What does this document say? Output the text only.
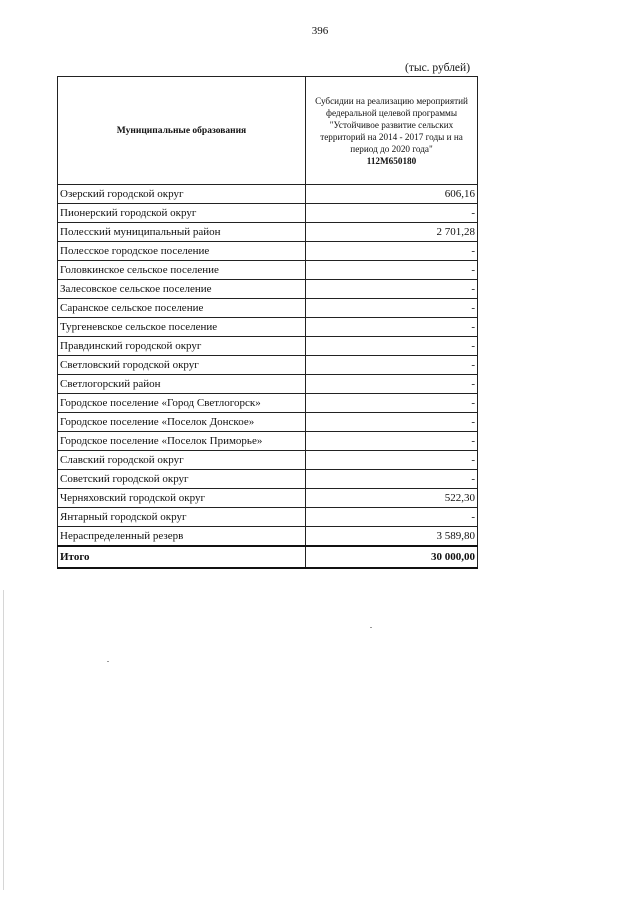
396
(тыс. рублей)
Муниципальные образования	Субсидии на реализацию мероприятий федеральной целевой программы "Устойчивое развитие сельских территорий на 2014 - 2017 годы и на период до 2020 года"
112М650180

Озерский городской округ	606,16
Пионерский городской округ	-
Полесский муниципальный район	2 701,28
Полесское городское поселение	-
Головкинское сельское поселение	-
Залесовское сельское поселение	-
Саранское сельское поселение	-
Тургеневское сельское поселение	-
Правдинский городской округ	-
Светловский городской округ	-
Светлогорский район	-
Городское поселение «Город Светлогорск»	-
Городское поселение «Поселок Донское»	-
Городское поселение «Поселок Приморье»	-
Славский городской округ	-
Советский городской округ	-
Черняховский городской округ	522,30
Янтарный городской округ	-
Нераспределенный резерв	3 589,80
Итого	30 000,00
